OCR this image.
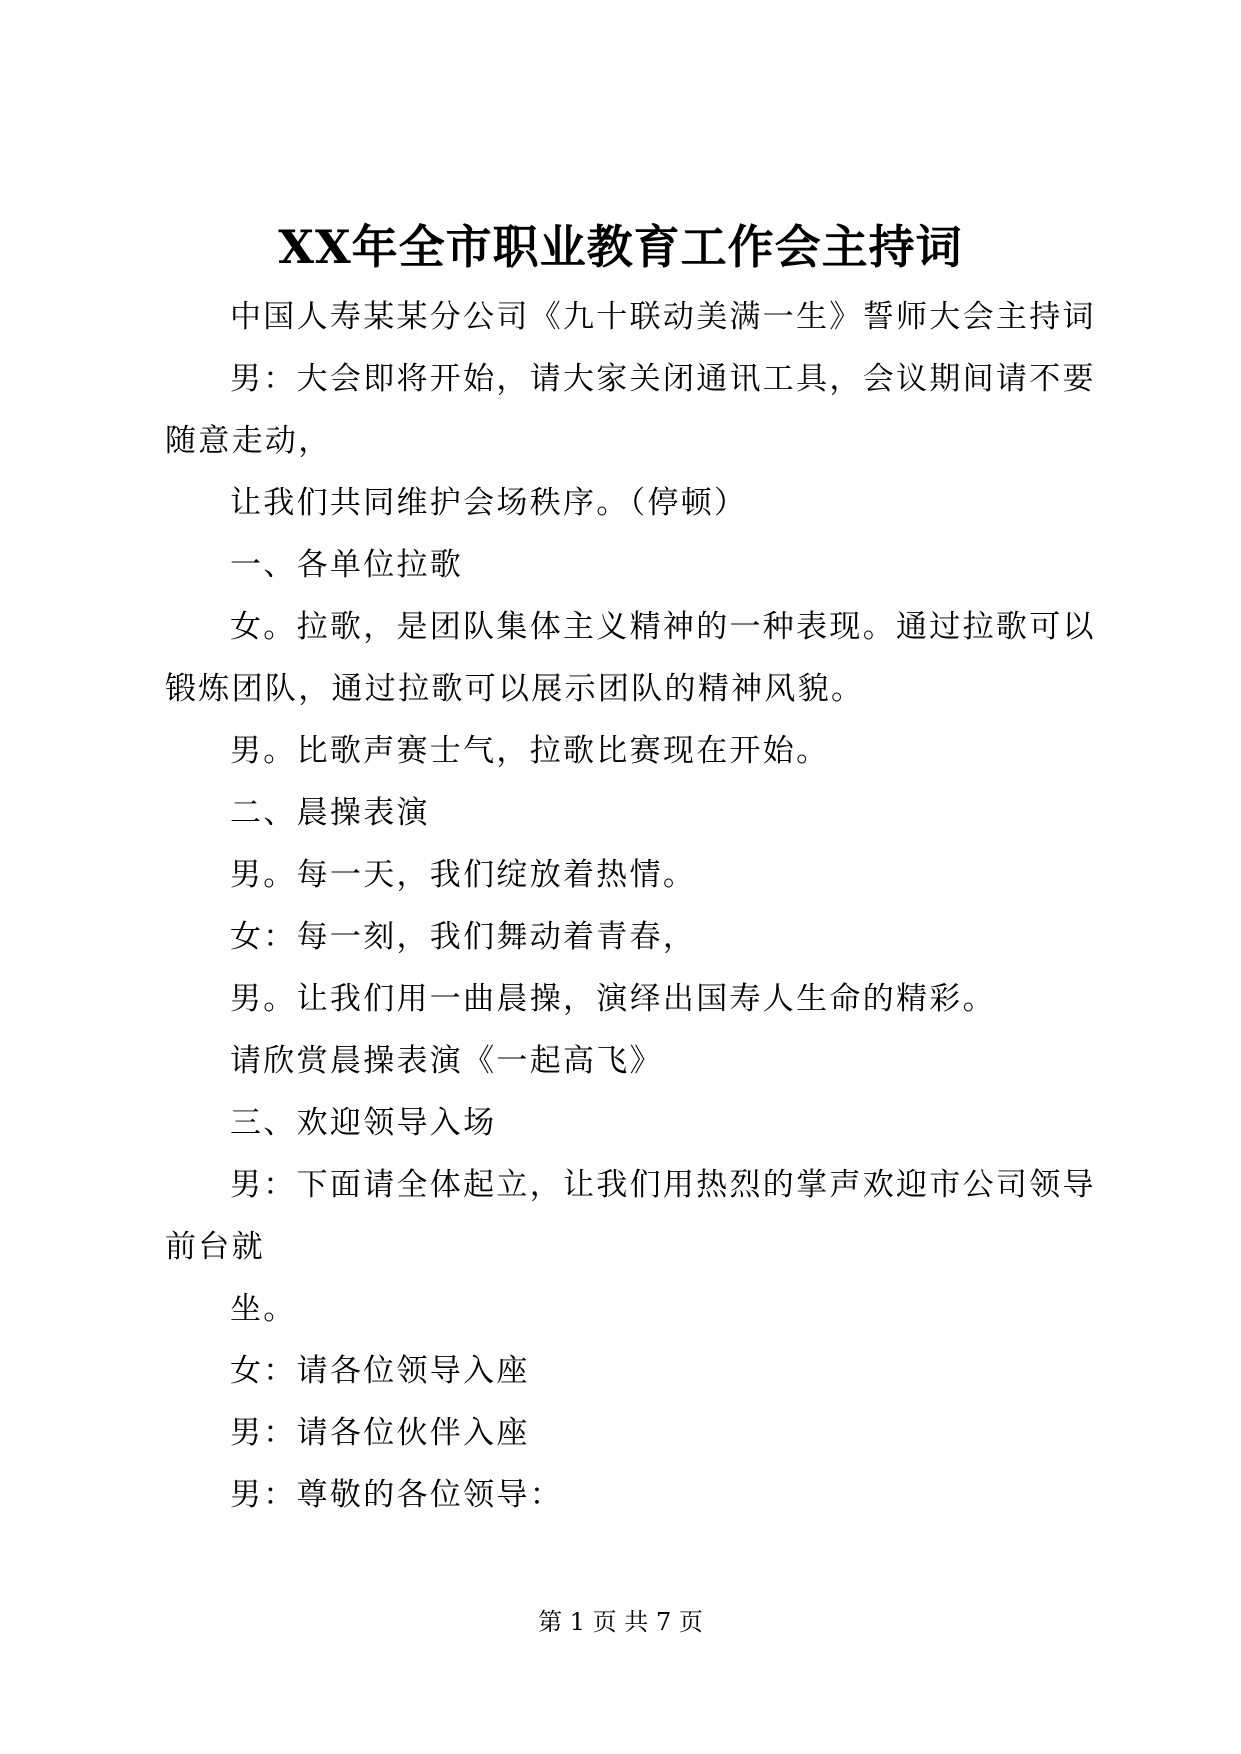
XX年全市职业教育工作会主持词
中国人寿某某分公司《九十联动美满一生》誓师大会主持词
男：大会即将开始，请大家关闭通讯工具，会议期间请不要
随意走动，
让我们共同维护会场秩序。（停顿）
一、各单位拉歌
女。拉歌，是团队集体主义精神的一种表现。通过拉歌可以
锻炼团队，通过拉歌可以展示团队的精神风貌。
男。比歌声赛士气，拉歌比赛现在开始。
二、晨操表演
男。每一天，我们绽放着热情。
女：每一刻，我们舞动着青春，
男。让我们用一曲晨操，演绎出国寿人生命的精彩。
请欣赏晨操表演《一起高飞》
三、欢迎领导入场
男：下面请全体起立，让我们用热烈的掌声欢迎市公司领导
前台就
坐。
女：请各位领导入座
男：请各位伙伴入座
男：尊敬的各位领导：
第 1 页 共 7 页
